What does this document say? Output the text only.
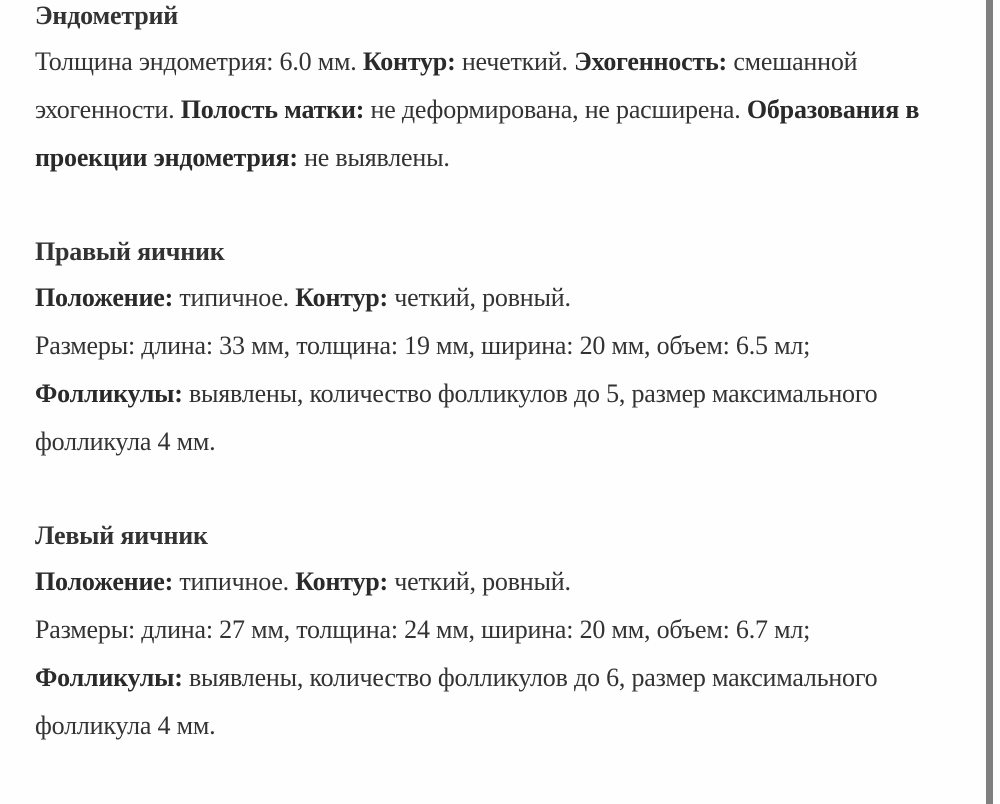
Эндометрий

Толщина эндометрия: 6.0 мм. Контур: нечеткий. Эхогенность: смешанной эхогенности. Полость матки: не деформирована, не расширена. Образования в проекции эндометрия: не выявлены.

Правый яичник

Положение: типичное. Контур: четкий, ровный.

Размеры: длина: 33 мм, толщина: 19 мм, ширина: 20 мм, объем: 6.5 мл; Фолликулы: выявлены, количество фолликулов до 5, размер максимального фолликула 4 мм.

Левый яичник

Положение: типичное. Контур: четкий, ровный.

Размеры: длина: 27 мм, толщина: 24 мм, ширина: 20 мм, объем: 6.7 мл; Фолликулы: выявлены, количество фолликулов до 6, размер максимального фолликула 4 мм.
